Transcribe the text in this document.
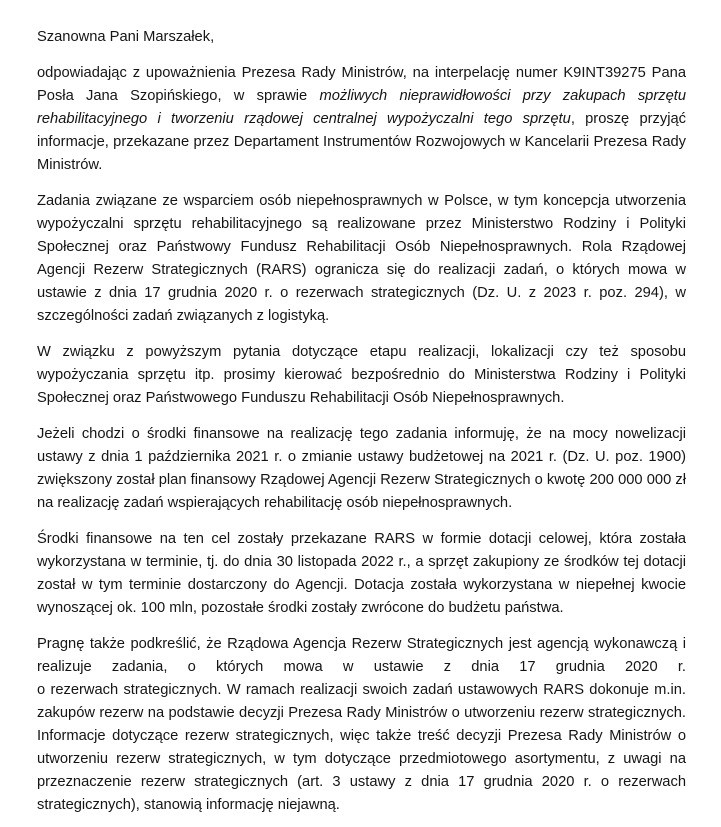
Szanowna Pani Marszałek,

odpowiadając z upoważnienia Prezesa Rady Ministrów, na interpelację numer K9INT39275 Pana Posła Jana Szopińskiego, w sprawie możliwych nieprawidłowości przy zakupach sprzętu rehabilitacyjnego i tworzeniu rządowej centralnej wypożyczalni tego sprzętu, proszę przyjąć informacje, przekazane przez Departament Instrumentów Rozwojowych w Kancelarii Prezesa Rady Ministrów.

Zadania związane ze wsparciem osób niepełnosprawnych w Polsce, w tym koncepcja utworzenia wypożyczalni sprzętu rehabilitacyjnego są realizowane przez Ministerstwo Rodziny i Polityki Społecznej oraz Państwowy Fundusz Rehabilitacji Osób Niepełnosprawnych. Rola Rządowej Agencji Rezerw Strategicznych (RARS) ogranicza się do realizacji zadań, o których mowa w ustawie z dnia 17 grudnia 2020 r. o rezerwach strategicznych (Dz. U. z 2023 r. poz. 294), w szczególności zadań związanych z logistyką.

W związku z powyższym pytania dotyczące etapu realizacji, lokalizacji czy też sposobu wypożyczania sprzętu itp. prosimy kierować bezpośrednio do Ministerstwa Rodziny i Polityki Społecznej oraz Państwowego Funduszu Rehabilitacji Osób Niepełnosprawnych.

Jeżeli chodzi o środki finansowe na realizację tego zadania informuję, że na mocy nowelizacji ustawy z dnia 1 października 2021 r. o zmianie ustawy budżetowej na 2021 r. (Dz. U. poz. 1900) zwiększony został plan finansowy Rządowej Agencji Rezerw Strategicznych o kwotę 200 000 000 zł na realizację zadań wspierających rehabilitację osób niepełnosprawnych.

Środki finansowe na ten cel zostały przekazane RARS w formie dotacji celowej, która została wykorzystana w terminie, tj. do dnia 30 listopada 2022 r., a sprzęt zakupiony ze środków tej dotacji został w tym terminie dostarczony do Agencji. Dotacja została wykorzystana w niepełnej kwocie wynoszącej ok. 100 mln, pozostałe środki zostały zwrócone do budżetu państwa.

Pragnę także podkreślić, że Rządowa Agencja Rezerw Strategicznych jest agencją wykonawczą i realizuje zadania, o których mowa w ustawie z dnia 17 grudnia 2020 r.

o rezerwach strategicznych. W ramach realizacji swoich zadań ustawowych RARS dokonuje m.in. zakupów rezerw na podstawie decyzji Prezesa Rady Ministrów o utworzeniu rezerw strategicznych. Informacje dotyczące rezerw strategicznych, więc także treść decyzji Prezesa Rady Ministrów o utworzeniu rezerw strategicznych, w tym dotyczące przedmiotowego asortymentu, z uwagi na przeznaczenie rezerw strategicznych (art. 3 ustawy z dnia 17 grudnia 2020 r. o rezerwach strategicznych), stanowią informację niejawną.
